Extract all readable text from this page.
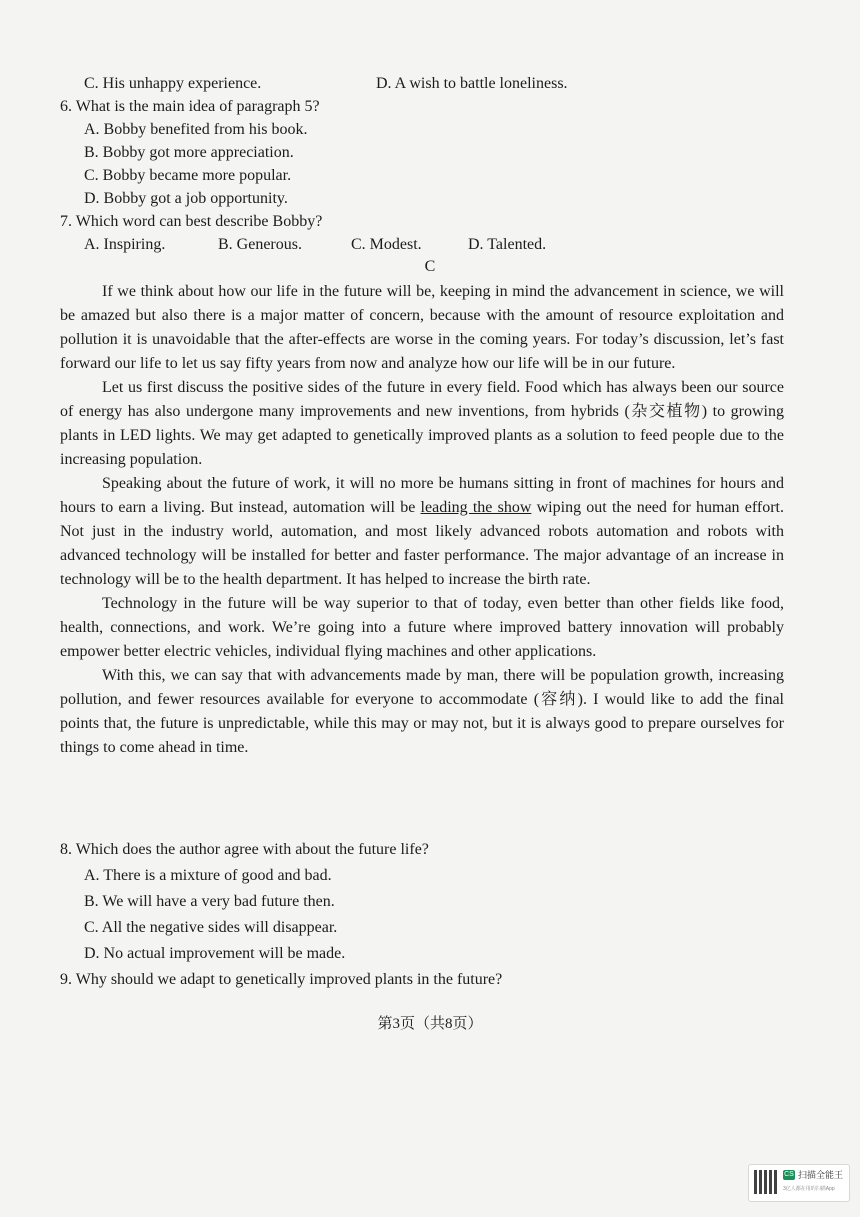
C. His unhappy experience.	D. A wish to battle loneliness.
6. What is the main idea of paragraph 5?
A. Bobby benefited from his book.
B. Bobby got more appreciation.
C. Bobby became more popular.
D. Bobby got a job opportunity.
7. Which word can best describe Bobby?
A. Inspiring.	B. Generous.	C. Modest.	D. Talented.
C

If we think about how our life in the future will be, keeping in mind the advancement in science, we will be amazed but also there is a major matter of concern, because with the amount of resource exploitation and pollution it is unavoidable that the after-effects are worse in the coming years. For today’s discussion, let’s fast forward our life to let us say fifty years from now and analyze how our life will be in our future.

Let us first discuss the positive sides of the future in every field. Food which has always been our source of energy has also undergone many improvements and new inventions, from hybrids (杂交植物) to growing plants in LED lights. We may get adapted to genetically improved plants as a solution to feed people due to the increasing population.

Speaking about the future of work, it will no more be humans sitting in front of machines for hours and hours to earn a living. But instead, automation will be leading the show wiping out the need for human effort. Not just in the industry world, automation, and most likely advanced robots automation and robots with advanced technology will be installed for better and faster performance. The major advantage of an increase in technology will be to the health department. It has helped to increase the birth rate.

Technology in the future will be way superior to that of today, even better than other fields like food, health, connections, and work. We’re going into a future where improved battery innovation will probably empower better electric vehicles, individual flying machines and other applications.

With this, we can say that with advancements made by man, there will be population growth, increasing pollution, and fewer resources available for everyone to accommodate (容纳). I would like to add the final points that, the future is unpredictable, while this may or may not, but it is always good to prepare ourselves for things to come ahead in time.

8. Which does the author agree with about the future life?
A. There is a mixture of good and bad.
B. We will have a very bad future then.
C. All the negative sides will disappear.
D. No actual improvement will be made.
9. Why should we adapt to genetically improved plants in the future?
第3页（共8页）
CS 扫描全能王
3亿人都在用的扫描App
